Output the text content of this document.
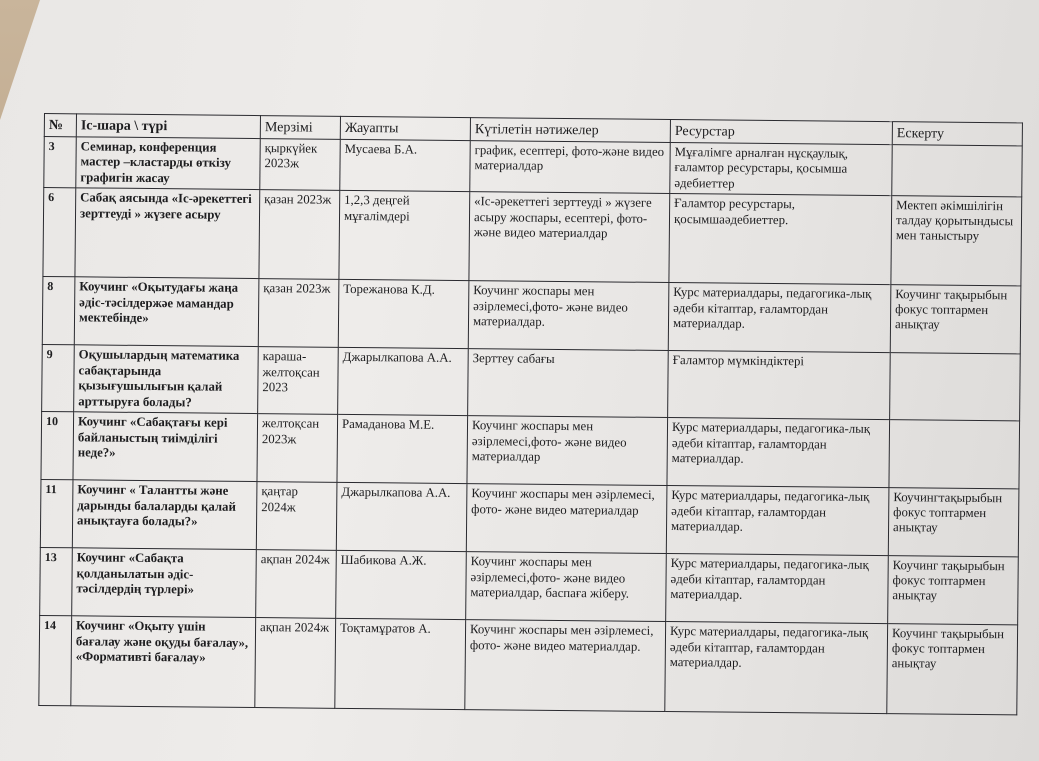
№	Іс-шара \ түрі	Мерзімі	Жауапты	Күтілетін нәтижелер	Ресурстар	Ескерту
3	Семинар, конференция мастер –кластарды өткізу графигін жасау	қыркүйек 2023ж	Мусаева Б.А.	график, есептері, фото-және видео материалдар	Мұғалімге арналған нұсқаулық, ғаламтор ресурстары, қосымша әдебиеттер	
6	Сабақ аясында «Іс-әрекеттегі зерттеуді » жүзеге асыру	қазан 2023ж	1,2,3 деңгей мұғалімдері	«Іс-әрекеттегі зерттеуді » жүзеге асыру жоспары, есептері, фото- және видео материалдар	Ғаламтор ресурстары, қосымшаәдебиеттер.	Мектеп әкімшілігін талдау қорытындысы мен таныстыру
8	Коучинг «Оқытудағы жаңа әдіс-тәсілдержәе мамандар мектебінде»	қазан 2023ж	Торежанова К.Д.	Коучинг жоспары мен әзірлемесі,фото- және видео материалдар.	Курс материалдары, педагогика-лық әдеби кітаптар, ғаламтордан материалдар.	Коучинг тақырыбын фокус топтармен анықтау
9	Оқушылардың математика сабақтарында қызығушылығын қалай арттыруға болады?	караша-желтоқсан 2023	Джарылкапова А.А.	Зерттеу сабағы	Ғаламтор мүмкіндіктері	
10	Коучинг «Сабақтағы кері байланыстың тиімділігі неде?»	желтоқсан 2023ж	Рамаданова М.Е.	Коучинг жоспары мен әзірлемесі,фото- және видео материалдар	Курс материалдары, педагогика-лық әдеби кітаптар, ғаламтордан материалдар.	
11	Коучинг « Талантты және дарынды балаларды қалай анықтауға болады?»	қаңтар 2024ж	Джарылкапова А.А.	Коучинг жоспары мен әзірлемесі, фото- және видео материалдар	Курс материалдары, педагогика-лық әдеби кітаптар, ғаламтордан материалдар.	Коучингтақырыбын фокус топтармен анықтау
13	Коучинг «Сабақта қолданылатын әдіс-тәсілдердің түрлері»	ақпан 2024ж	Шабикова А.Ж.	Коучинг жоспары мен әзірлемесі,фото- және видео материалдар, баспаға жіберу.	Курс материалдары, педагогика-лық әдеби кітаптар, ғаламтордан материалдар.	Коучинг тақырыбын фокус топтармен анықтау
14	Коучинг «Оқыту үшін бағалау және оқуды бағалау», «Формативті бағалау»	ақпан 2024ж	Тоқтамұратов А.	Коучинг жоспары мен әзірлемесі, фото- және видео материалдар.	Курс материалдары, педагогика-лық әдеби кітаптар, ғаламтордан материалдар.	Коучинг тақырыбын фокус топтармен анықтау
